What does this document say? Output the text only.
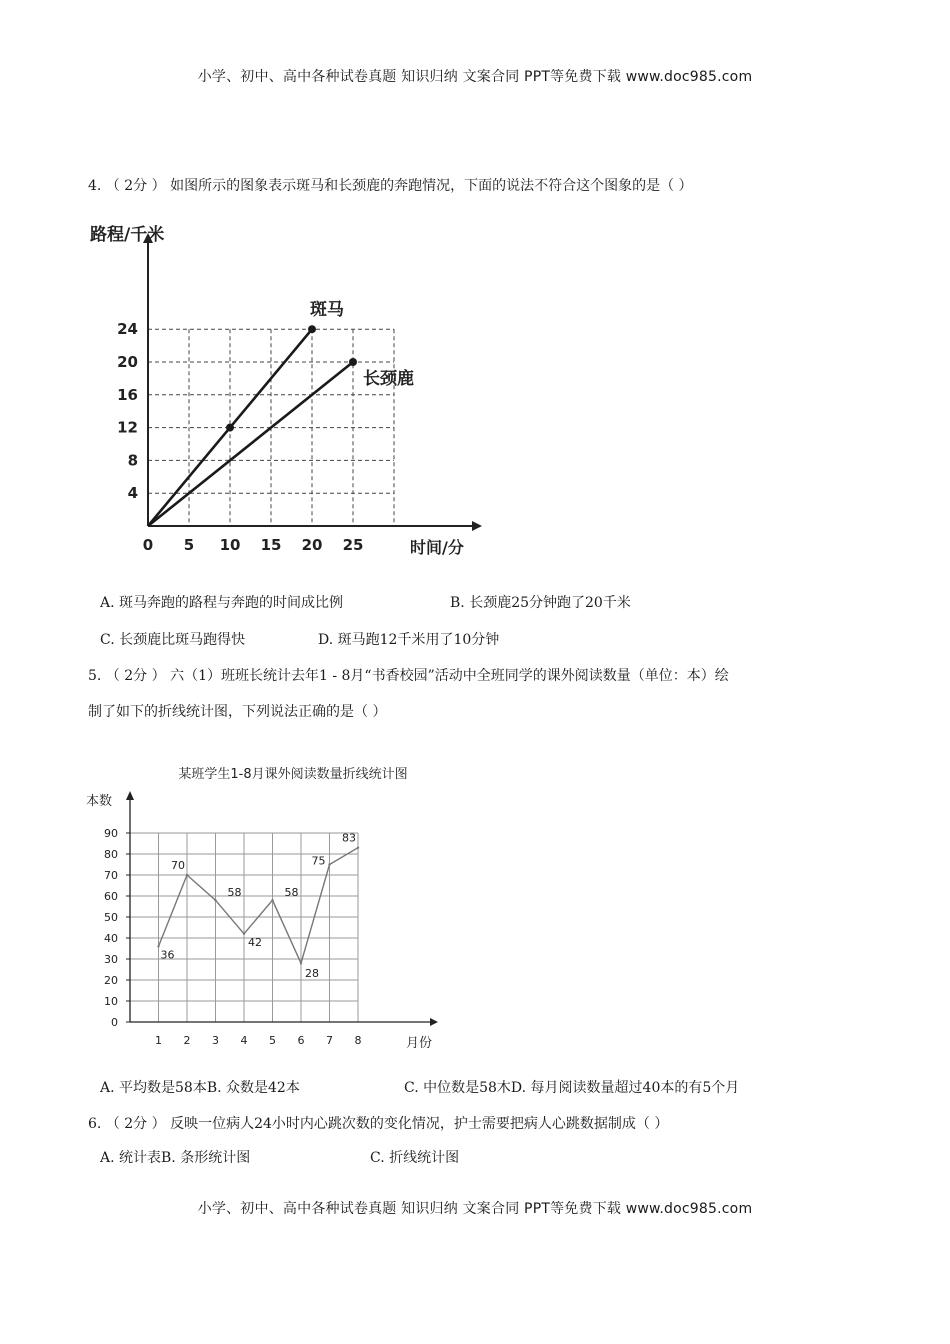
小学、初中、高中各种试卷真题 知识归纳 文案合同 PPT等免费下载 www.doc985.com
4. （ 2分 ） 如图所示的图象表示斑马和长颈鹿的奔跑情况，下面的说法不符合这个图象的是（ ）
0 5 10 15 20 25
4
8
12
16
20
24
斑马
长颈鹿
路程/千米
时间/分
A. 斑马奔跑的路程与奔跑的时间成比例	B. 长颈鹿25分钟跑了20千米
C. 长颈鹿比斑马跑得快	D. 斑马跑12千米用了10分钟
5. （ 2分 ） 六（1）班班长统计去年1 - 8月“书香校园”活动中全班同学的课外阅读数量（单位：本）绘
制了如下的折线统计图，下列说法正确的是（ ）
某班学生1-8月课外阅读数量折线统计图
本数
月份
0
10
20
30
40
50
60
70
80
90
1 2 3 4 5 6 7 8
36
70
58
42
58
28
75
83
A. 平均数是58本B. 众数是42本	C. 中位数是58木D. 每月阅读数量超过40本的有5个月
6. （ 2分 ） 反映一位病人24小时内心跳次数的变化情况，护士需要把病人心跳数据制成（ ）
A. 统计表B. 条形统计图	C. 折线统计图
小学、初中、高中各种试卷真题 知识归纳 文案合同 PPT等免费下载 www.doc985.com
